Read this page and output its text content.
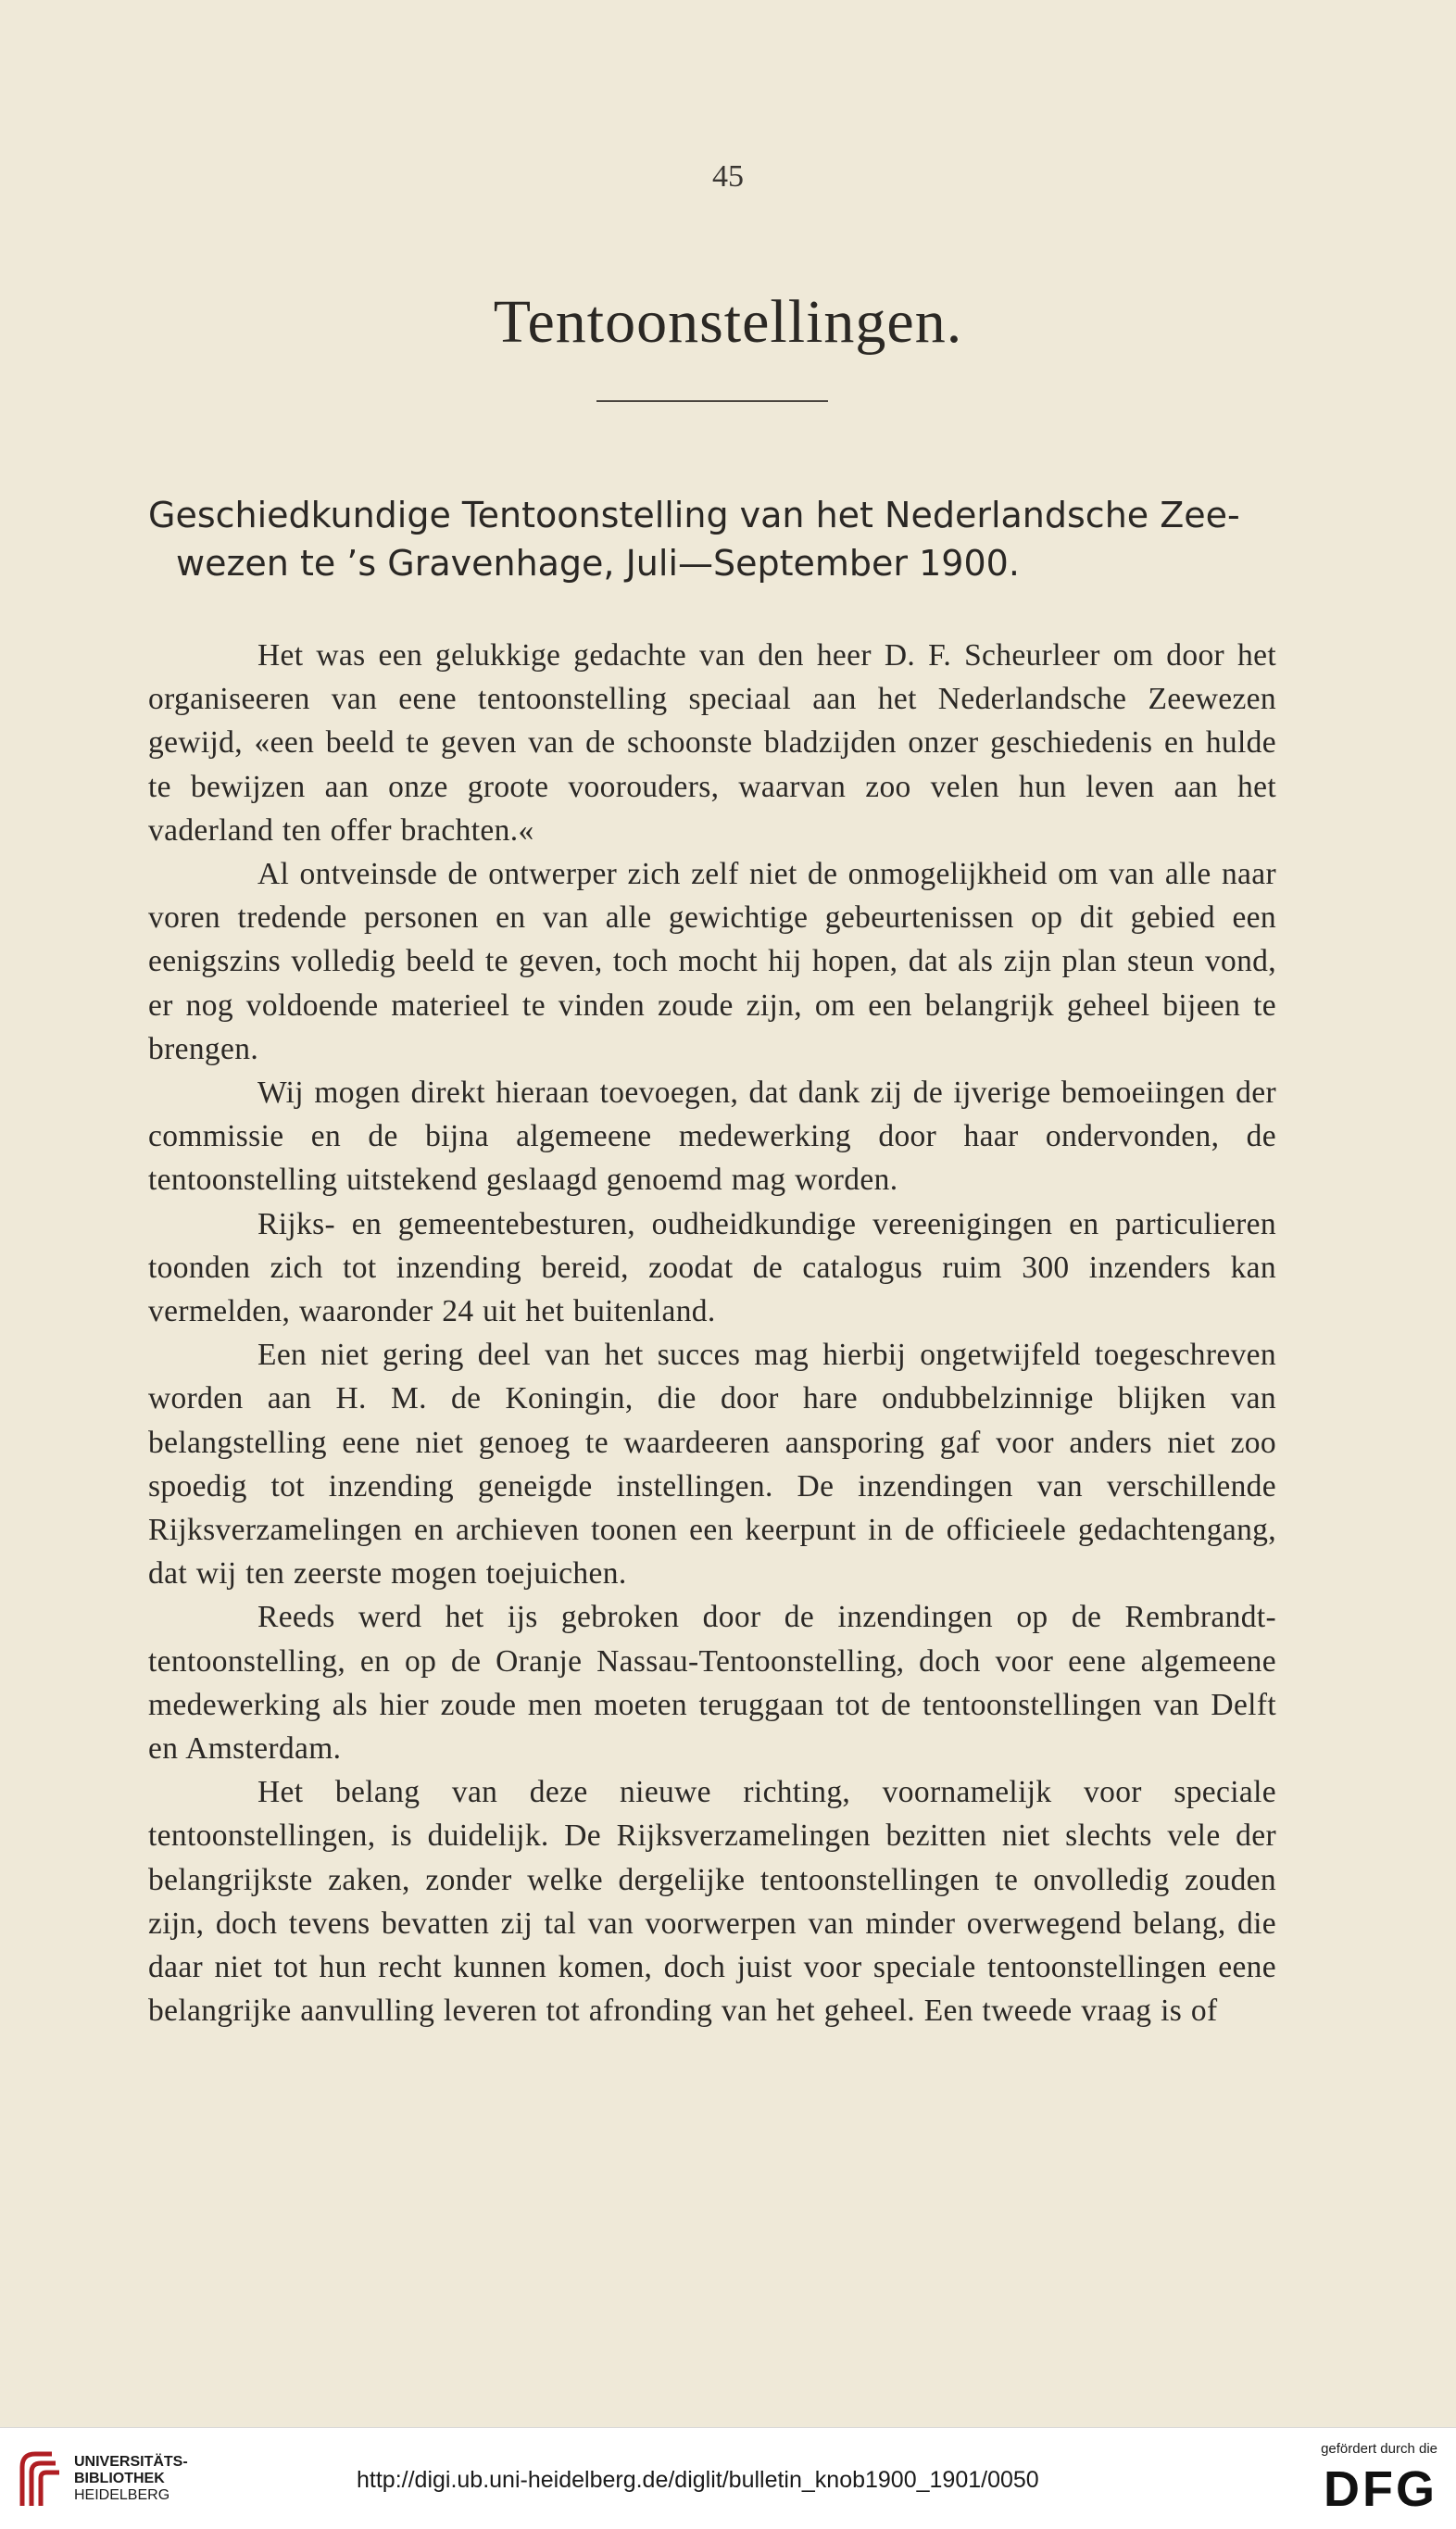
45
Tentoonstellingen.
Geschiedkundige Tentoonstelling van het Nederlandsche Zee-
wezen te ’s Gravenhage, Juli—September 1900.

Het was een gelukkige gedachte van den heer D. F. Scheurleer om door het organiseeren van eene tentoonstelling speciaal aan het Nederlandsche Zeewezen gewijd, «een beeld te geven van de schoonste bladzijden onzer geschiedenis en hulde te bewijzen aan onze groote voorouders, waarvan zoo velen hun leven aan het vaderland ten offer brachten.«

Al ontveinsde de ontwerper zich zelf niet de onmogelijkheid om van alle naar voren tredende personen en van alle gewichtige gebeurtenissen op dit gebied een eenigszins volledig beeld te geven, toch mocht hij hopen, dat als zijn plan steun vond, er nog voldoende materieel te vinden zoude zijn, om een belangrijk geheel bijeen te brengen.

Wij mogen direkt hieraan toevoegen, dat dank zij de ijverige bemoeiingen der commissie en de bijna algemeene medewerking door haar ondervonden, de tentoonstelling uitstekend geslaagd genoemd mag worden.

Rijks- en gemeentebesturen, oudheidkundige vereenigingen en particulieren toonden zich tot inzending bereid, zoodat de catalogus ruim 300 inzenders kan vermelden, waaronder 24 uit het buitenland.

Een niet gering deel van het succes mag hierbij ongetwijfeld toegeschreven worden aan H. M. de Koningin, die door hare ondubbelzinnige blijken van belangstelling eene niet genoeg te waardeeren aansporing gaf voor anders niet zoo spoedig tot inzending geneigde instellingen. De inzendingen van verschillende Rijksverzamelingen en archieven toonen een keerpunt in de officieele gedachtengang, dat wij ten zeerste mogen toejuichen.

Reeds werd het ijs gebroken door de inzendingen op de Rembrandt-tentoonstelling, en op de Oranje Nassau-Tentoonstelling, doch voor eene algemeene medewerking als hier zoude men moeten teruggaan tot de tentoonstellingen van Delft en Amsterdam.

Het belang van deze nieuwe richting, voornamelijk voor speciale tentoonstellingen, is duidelijk. De Rijksverzamelingen bezitten niet slechts vele der belangrijkste zaken, zonder welke dergelijke tentoonstellingen te onvolledig zouden zijn, doch tevens bevatten zij tal van voorwerpen van minder overwegend belang, die daar niet tot hun recht kunnen komen, doch juist voor speciale tentoonstellingen eene belangrijke aanvulling leveren tot afronding van het geheel. Een tweede vraag is of

UNIVERSITÄTS-
BIBLIOTHEK
HEIDELBERG
http://digi.ub.uni-heidelberg.de/diglit/bulletin_knob1900_1901/0050
gefördert durch die
DFG
